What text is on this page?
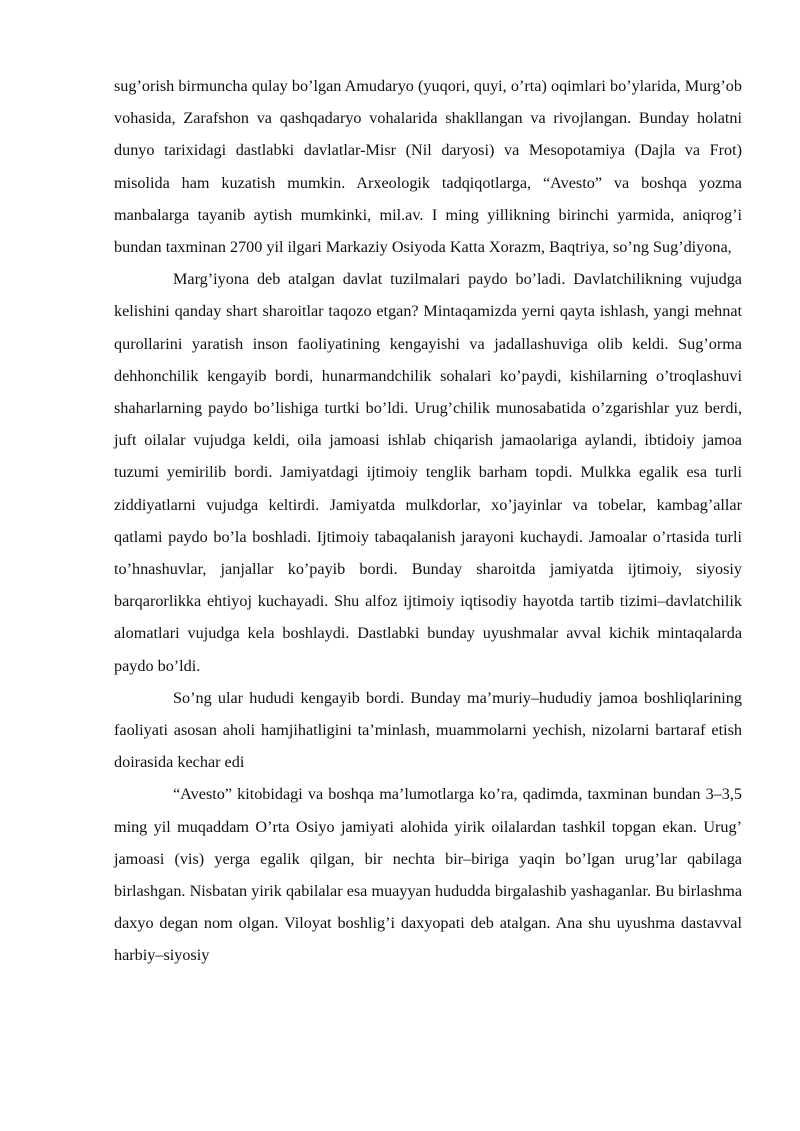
sug’orish birmuncha qulay bo’lgan Amudaryo (yuqori, quyi, o’rta) oqimlari bo’ylarida, Murg’ob vohasida, Zarafshon va qashqadaryo vohalarida shakllangan va rivojlangan. Bunday holatni dunyo tarixidagi dastlabki davlatlar-Misr (Nil daryosi) va Mesopotamiya (Dajla va Frot) misolida ham kuzatish mumkin. Arxeologik tadqiqotlarga, “Avesto” va boshqa yozma manbalarga tayanib aytish mumkinki, mil.av. I ming yillikning birinchi yarmida, aniqrog’i bundan taxminan 2700 yil ilgari Markaziy Osiyoda Katta Xorazm, Baqtriya, so’ng Sug’diyona,

Marg’iyona deb atalgan davlat tuzilmalari paydo bo’ladi. Davlatchilikning vujudga kelishini qanday shart sharoitlar taqozo etgan? Mintaqamizda yerni qayta ishlash, yangi mehnat qurollarini yaratish inson faoliyatining kengayishi va jadallashuviga olib keldi. Sug’orma dehhonchilik kengayib bordi, hunarmandchilik sohalari ko’paydi, kishilarning o’troqlashuvi shaharlarning paydo bo’lishiga turtki bo’ldi. Urug’chilik munosabatida o’zgarishlar yuz berdi, juft oilalar vujudga keldi, oila jamoasi ishlab chiqarish jamaolariga aylandi, ibtidoiy jamoa tuzumi yemirilib bordi. Jamiyatdagi ijtimoiy tenglik barham topdi. Mulkka egalik esa turli ziddiyatlarni vujudga keltirdi. Jamiyatda mulkdorlar, xo’jayinlar va tobelar, kambag’allar qatlami paydo bo’la boshladi. Ijtimoiy tabaqalanish jarayoni kuchaydi. Jamoalar o’rtasida turli to’hnashuvlar, janjallar ko’payib bordi. Bunday sharoitda jamiyatda ijtimoiy, siyosiy barqarorlikka ehtiyoj kuchayadi. Shu alfoz ijtimoiy iqtisodiy hayotda tartib tizimi–davlatchilik alomatlari vujudga kela boshlaydi. Dastlabki bunday uyushmalar avval kichik mintaqalarda paydo bo’ldi.

So’ng ular hududi kengayib bordi. Bunday ma’muriy–hududiy jamoa boshliqlarining faoliyati asosan aholi hamjihatligini ta’minlash, muammolarni yechish, nizolarni bartaraf etish doirasida kechar edi

“Avesto” kitobidagi va boshqa ma’lumotlarga ko’ra, qadimda, taxminan bundan 3–3,5 ming yil muqaddam O’rta Osiyo jamiyati alohida yirik oilalardan tashkil topgan ekan. Urug’ jamoasi (vis) yerga egalik qilgan, bir nechta bir–biriga yaqin bo’lgan urug’lar qabilaga birlashgan. Nisbatan yirik qabilalar esa muayyan hududda birgalashib yashaganlar. Bu birlashma daxyo degan nom olgan. Viloyat boshlig’i daxyopati deb atalgan. Ana shu uyushma dastavval harbiy–siyosiy
